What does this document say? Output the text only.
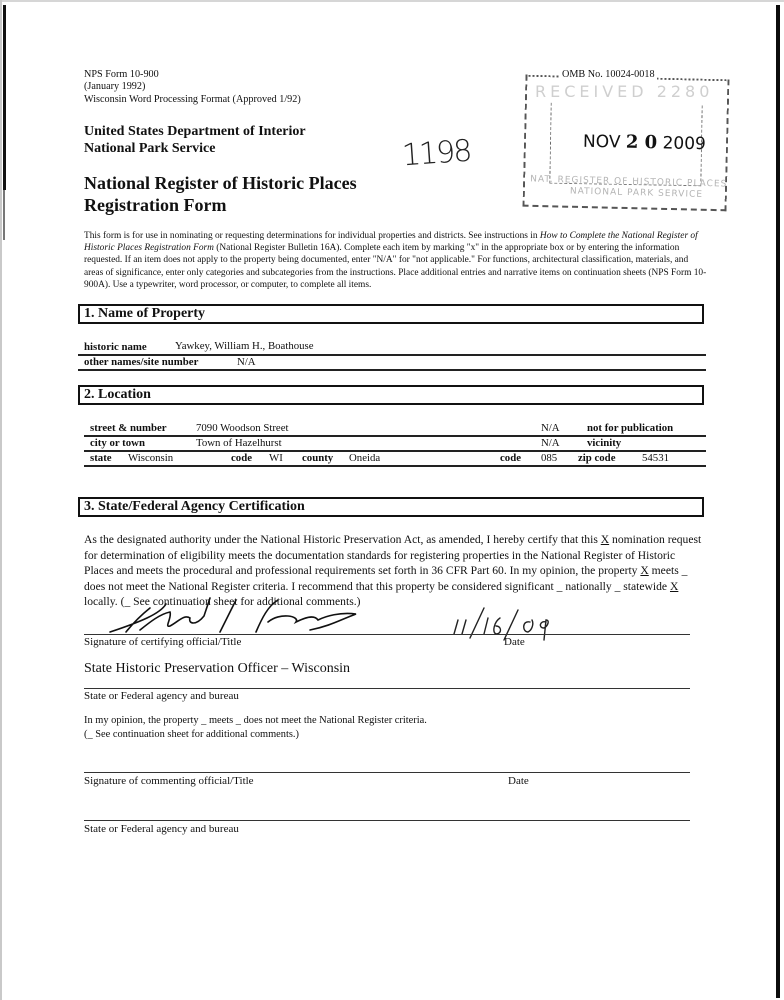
NPS Form 10-900
(January 1992)
Wisconsin Word Processing Format (Approved 1/92)
United States Department of Interior
National Park Service
National Register of Historic Places
Registration Form
1198
RECEIVED 2280
NOV 2 0 2009
NAT. REGISTER OF HISTORIC PLACES
NATIONAL PARK SERVICE
OMB No. 10024-0018
This form is for use in nominating or requesting determinations for individual properties and districts. See instructions in How to Complete the National Register of Historic Places Registration Form (National Register Bulletin 16A). Complete each item by marking "x" in the appropriate box or by entering the information requested. If an item does not apply to the property being documented, enter "N/A" for "not applicable." For functions, architectural classification, materials, and areas of significance, enter only categories and subcategories from the instructions. Place additional entries and narrative items on continuation sheets (NPS Form 10-900A). Use a typewriter, word processor, or computer, to complete all items.
1. Name of Property
historic name	Yawkey, William H., Boathouse
other names/site number	N/A
2. Location
street & number	7090 Woodson Street	N/A	not for publication
city or town	Town of Hazelhurst	N/A	vicinity
state Wisconsin	code WI county Oneida	code 085 zip code 54531
3. State/Federal Agency Certification
As the designated authority under the National Historic Preservation Act, as amended, I hereby certify that this X nomination request for determination of eligibility meets the documentation standards for registering properties in the National Register of Historic Places and meets the procedural and professional requirements set forth in 36 CFR Part 60. In my opinion, the property X meets _ does not meet the National Register criteria. I recommend that this property be considered significant _ nationally _ statewide X locally. (_ See continuation sheet for additional comments.)
Signature of certifying official/Title	Date
State Historic Preservation Officer – Wisconsin
State or Federal agency and bureau
In my opinion, the property _ meets _ does not meet the National Register criteria.
(_ See continuation sheet for additional comments.)
Signature of commenting official/Title	Date
State or Federal agency and bureau
